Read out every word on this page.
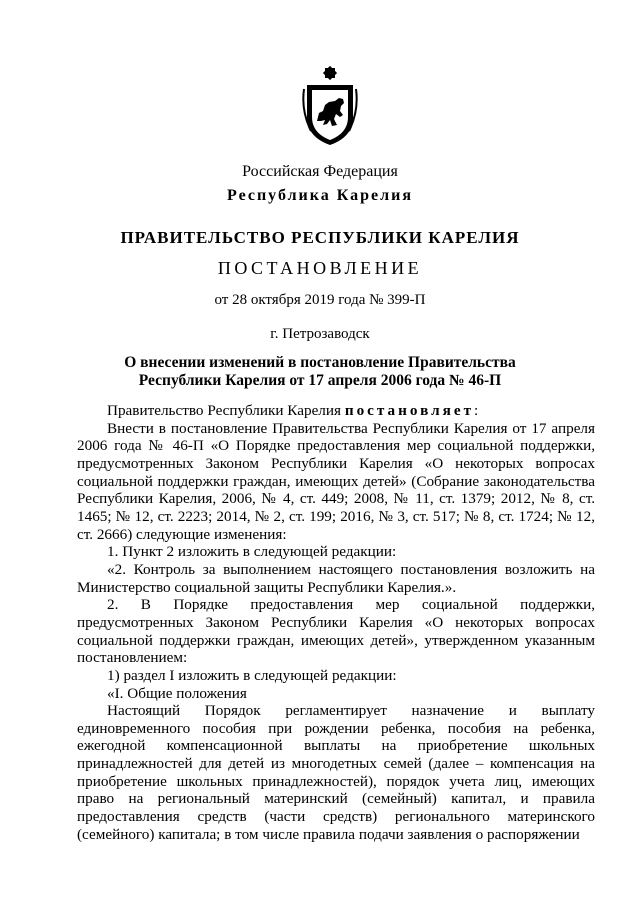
Российская Федерация
Республика Карелия
ПРАВИТЕЛЬСТВО РЕСПУБЛИКИ КАРЕЛИЯ
ПОСТАНОВЛЕНИЕ
от 28 октября 2019 года № 399-П
г. Петрозаводск
О внесении изменений в постановление Правительства
Республики Карелия от 17 апреля 2006 года № 46-П

Правительство Республики Карелия постановляет:

Внести в постановление Правительства Республики Карелия от 17 апреля 2006 года № 46-П «О Порядке предоставления мер социальной поддержки, предусмотренных Законом Республики Карелия «О некоторых вопросах социальной поддержки граждан, имеющих детей» (Собрание законодательства Республики Карелия, 2006, № 4, ст. 449; 2008, № 11, ст. 1379; 2012, № 8, ст. 1465; № 12, ст. 2223; 2014, № 2, ст. 199; 2016, № 3, ст. 517; № 8, ст. 1724; № 12, ст. 2666) следующие изменения:

1. Пункт 2 изложить в следующей редакции:

«2. Контроль за выполнением настоящего постановления возложить на Министерство социальной защиты Республики Карелия.».

2. В Порядке предоставления мер социальной поддержки, предусмотренных Законом Республики Карелия «О некоторых вопросах социальной поддержки граждан, имеющих детей», утвержденном указанным постановлением:

1) раздел I изложить в следующей редакции:

«I. Общие положения

Настоящий Порядок регламентирует назначение и выплату единовременного пособия при рождении ребенка, пособия на ребенка, ежегодной компенсационной выплаты на приобретение школьных принадлежностей для детей из многодетных семей (далее – компенсация на приобретение школьных принадлежностей), порядок учета лиц, имеющих право на региональный материнский (семейный) капитал, и правила предоставления средств (части средств) регионального материнского (семейного) капитала; в том числе правила подачи заявления о распоряжении
